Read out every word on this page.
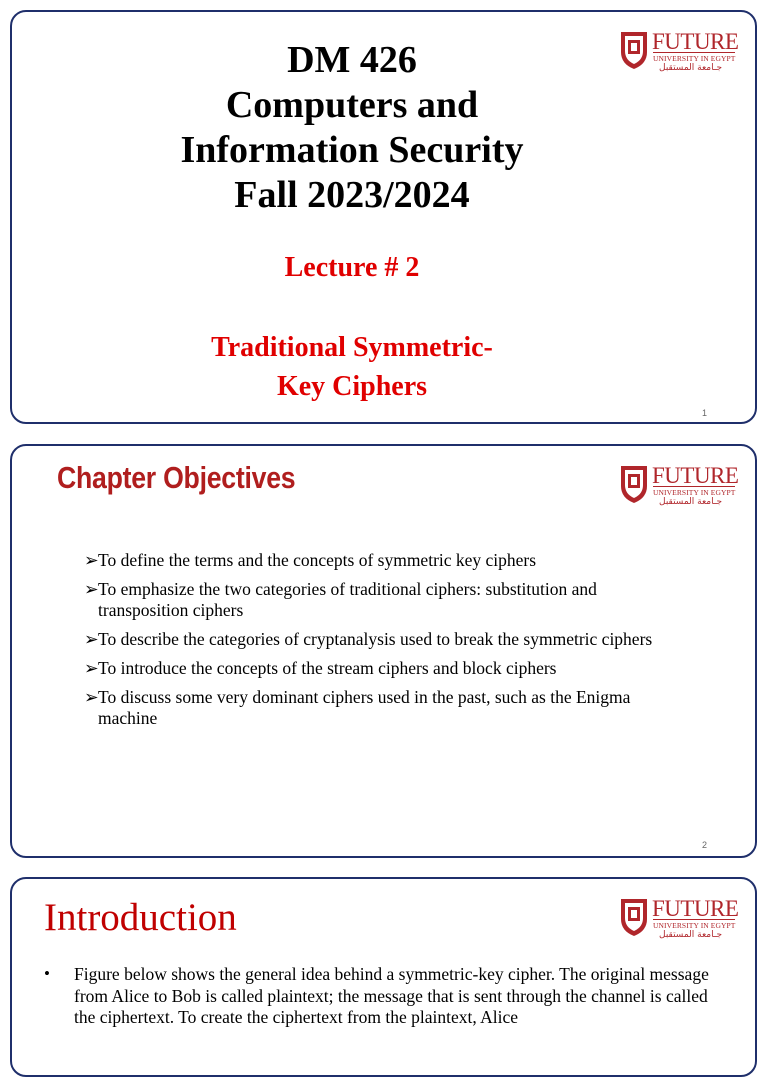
FUTURE
UNIVERSITY IN EGYPT
جـامعة المستقبل
DM 426
Computers and
Information Security
Fall 2023/2024
Lecture # 2
Traditional Symmetric-
Key Ciphers
1
Chapter Objectives	FUTURE
UNIVERSITY IN EGYPT
جـامعة المستقبل
➢ To define the terms and the concepts of symmetric key ciphers
➢ To emphasize the two categories of traditional ciphers: substitution and transposition ciphers
➢ To describe the categories of cryptanalysis used to break the symmetric ciphers
➢ To introduce the concepts of the stream ciphers and block ciphers
➢ To discuss some very dominant ciphers used in the past, such as the Enigma machine
2
Introduction	FUTURE
UNIVERSITY IN EGYPT
جـامعة المستقبل
• Figure below shows the general idea behind a symmetric-key cipher. The original message from Alice to Bob is called plaintext; the message that is sent through the channel is called the ciphertext. To create the ciphertext from the plaintext, Alice
